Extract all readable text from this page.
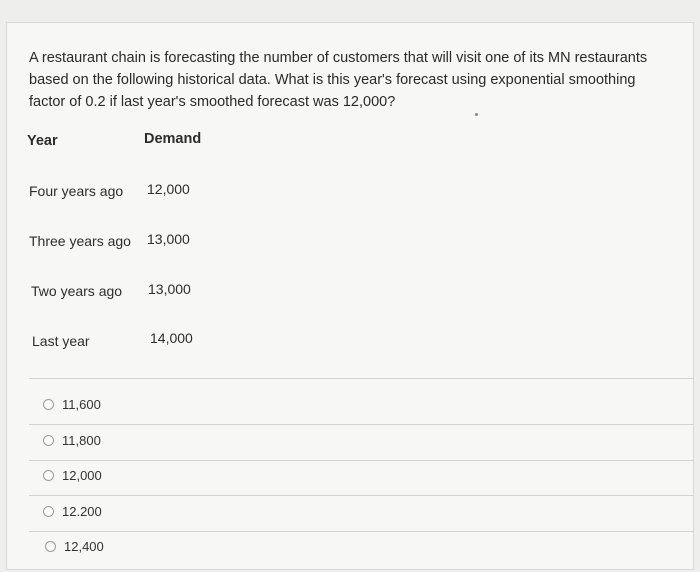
A restaurant chain is forecasting the number of customers that will visit one of its MN restaurants based on the following historical data. What is this year's forecast using exponential smoothing factor of 0.2 if last year's smoothed forecast was 12,000?

Year	Demand
Four years ago 12,000
Three years ago 13,000
Two years ago 13,000
Last year	14,000
11,600
11,800
12,000
12.200
12,400
